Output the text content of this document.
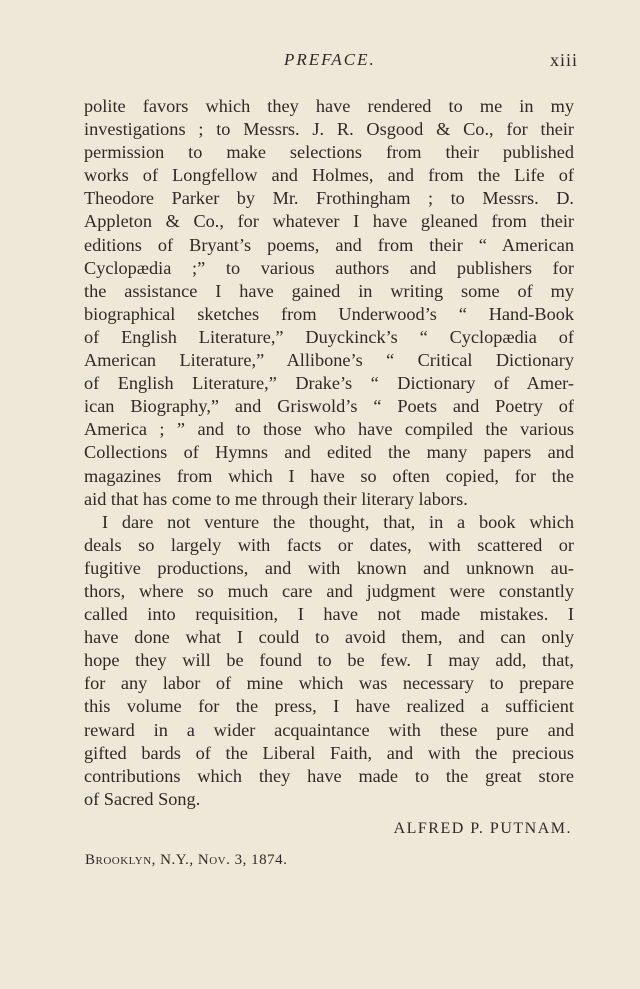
PREFACE.	xiii
polite favors which they have rendered to me in my
investigations ; to Messrs. J. R. Osgood & Co., for their
permission to make selections from their published
works of Longfellow and Holmes, and from the Life of
Theodore Parker by Mr. Frothingham ; to Messrs. D.
Appleton & Co., for whatever I have gleaned from their
editions of Bryant’s poems, and from their “ American
Cyclopædia ;” to various authors and publishers for
the assistance I have gained in writing some of my
biographical sketches from Underwood’s “ Hand-Book
of English Literature,” Duyckinck’s “ Cyclopædia of
American Literature,” Allibone’s “ Critical Dictionary
of English Literature,” Drake’s “ Dictionary of Amer-
ican Biography,” and Griswold’s “ Poets and Poetry of
America ; ” and to those who have compiled the various
Collections of Hymns and edited the many papers and
magazines from which I have so often copied, for the
aid that has come to me through their literary labors.
I dare not venture the thought, that, in a book which
deals so largely with facts or dates, with scattered or
fugitive productions, and with known and unknown au-
thors, where so much care and judgment were constantly
called into requisition, I have not made mistakes. I
have done what I could to avoid them, and can only
hope they will be found to be few. I may add, that,
for any labor of mine which was necessary to prepare
this volume for the press, I have realized a sufficient
reward in a wider acquaintance with these pure and
gifted bards of the Liberal Faith, and with the precious
contributions which they have made to the great store
of Sacred Song.
ALFRED P. PUTNAM.
Brooklyn, N.Y., Nov. 3, 1874.
